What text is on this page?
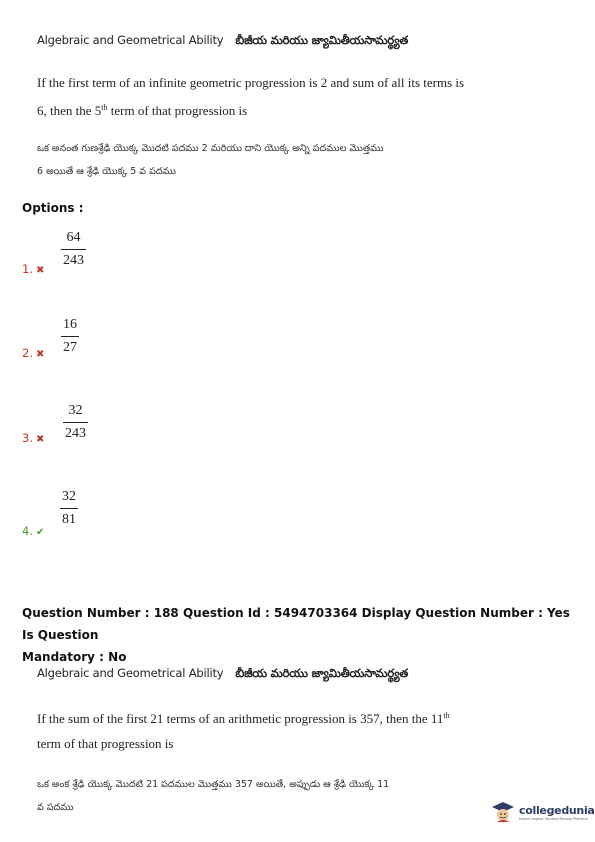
Algebraic and Geometrical Ability బీజీయ మరియు జ్యామితీయసామర్థ్యత
If the first term of an infinite geometric progression is 2 and sum of all its terms is
6, then the 5th term of that progression is
ఒక అనంత గుణశ్రేఢి యొక్క మొదటి పదము 2 మరియు దాని యొక్క అన్ని పదముల మొత్తము
6 అయితే ఆ శ్రేఢి యొక్క 5 వ పదము
Options :
64
243
1. ✖
16
27
2. ✖
32
243
3. ✖
32
81
4. ✔
Question Number : 188 Question Id : 5494703364 Display Question Number : Yes Is Question
Mandatory : No
Algebraic and Geometrical Ability బీజీయ మరియు జ్యామితీయసామర్థ్యత
If the sum of the first 21 terms of an arithmetic progression is 357, then the 11th
term of that progression is
ఒక అంక శ్రేఢి యొక్క మొదటి 21 పదముల మొత్తము 357 అయితే, అప్పుడు ఆ శ్రేఢి యొక్క 11
వ పదము	collegedunia
India's largest Student Review Platform
